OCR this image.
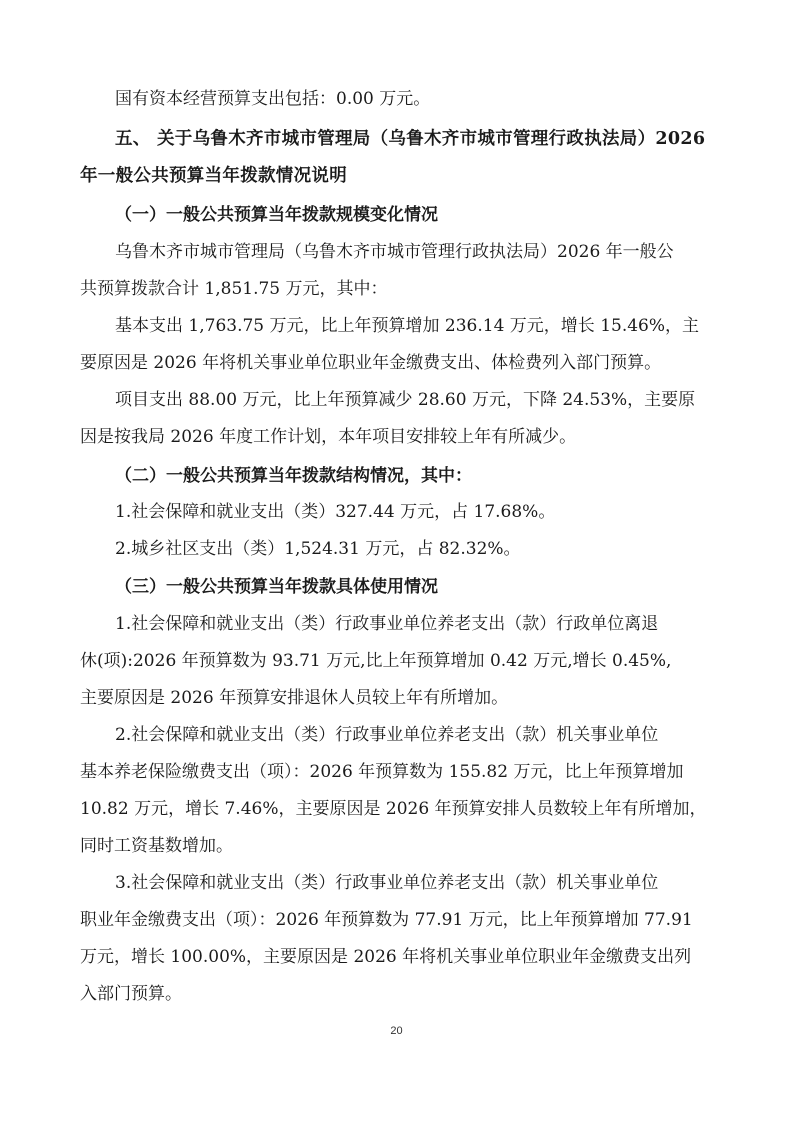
国有资本经营预算支出包括：0.00 万元。
五、 关于乌鲁木齐市城市管理局（乌鲁木齐市城市管理行政执法局）2026
年一般公共预算当年拨款情况说明
（一）一般公共预算当年拨款规模变化情况
乌鲁木齐市城市管理局（乌鲁木齐市城市管理行政执法局）2026 年一般公
共预算拨款合计 1,851.75 万元，其中：
基本支出 1,763.75 万元，比上年预算增加 236.14 万元，增长 15.46%，主
要原因是 2026 年将机关事业单位职业年金缴费支出、体检费列入部门预算。
项目支出 88.00 万元，比上年预算减少 28.60 万元，下降 24.53%，主要原
因是按我局 2026 年度工作计划，本年项目安排较上年有所减少。
（二）一般公共预算当年拨款结构情况，其中：
1.社会保障和就业支出（类）327.44 万元，占 17.68%。
2.城乡社区支出（类）1,524.31 万元，占 82.32%。
（三）一般公共预算当年拨款具体使用情况
1.社会保障和就业支出（类）行政事业单位养老支出（款）行政单位离退
休(项):2026 年预算数为 93.71 万元,比上年预算增加 0.42 万元,增长 0.45%,
主要原因是 2026 年预算安排退休人员较上年有所增加。
2.社会保障和就业支出（类）行政事业单位养老支出（款）机关事业单位
基本养老保险缴费支出（项）：2026 年预算数为 155.82 万元，比上年预算增加
10.82 万元，增长 7.46%，主要原因是 2026 年预算安排人员数较上年有所增加，
同时工资基数增加。
3.社会保障和就业支出（类）行政事业单位养老支出（款）机关事业单位
职业年金缴费支出（项）：2026 年预算数为 77.91 万元，比上年预算增加 77.91
万元，增长 100.00%，主要原因是 2026 年将机关事业单位职业年金缴费支出列
入部门预算。
20
